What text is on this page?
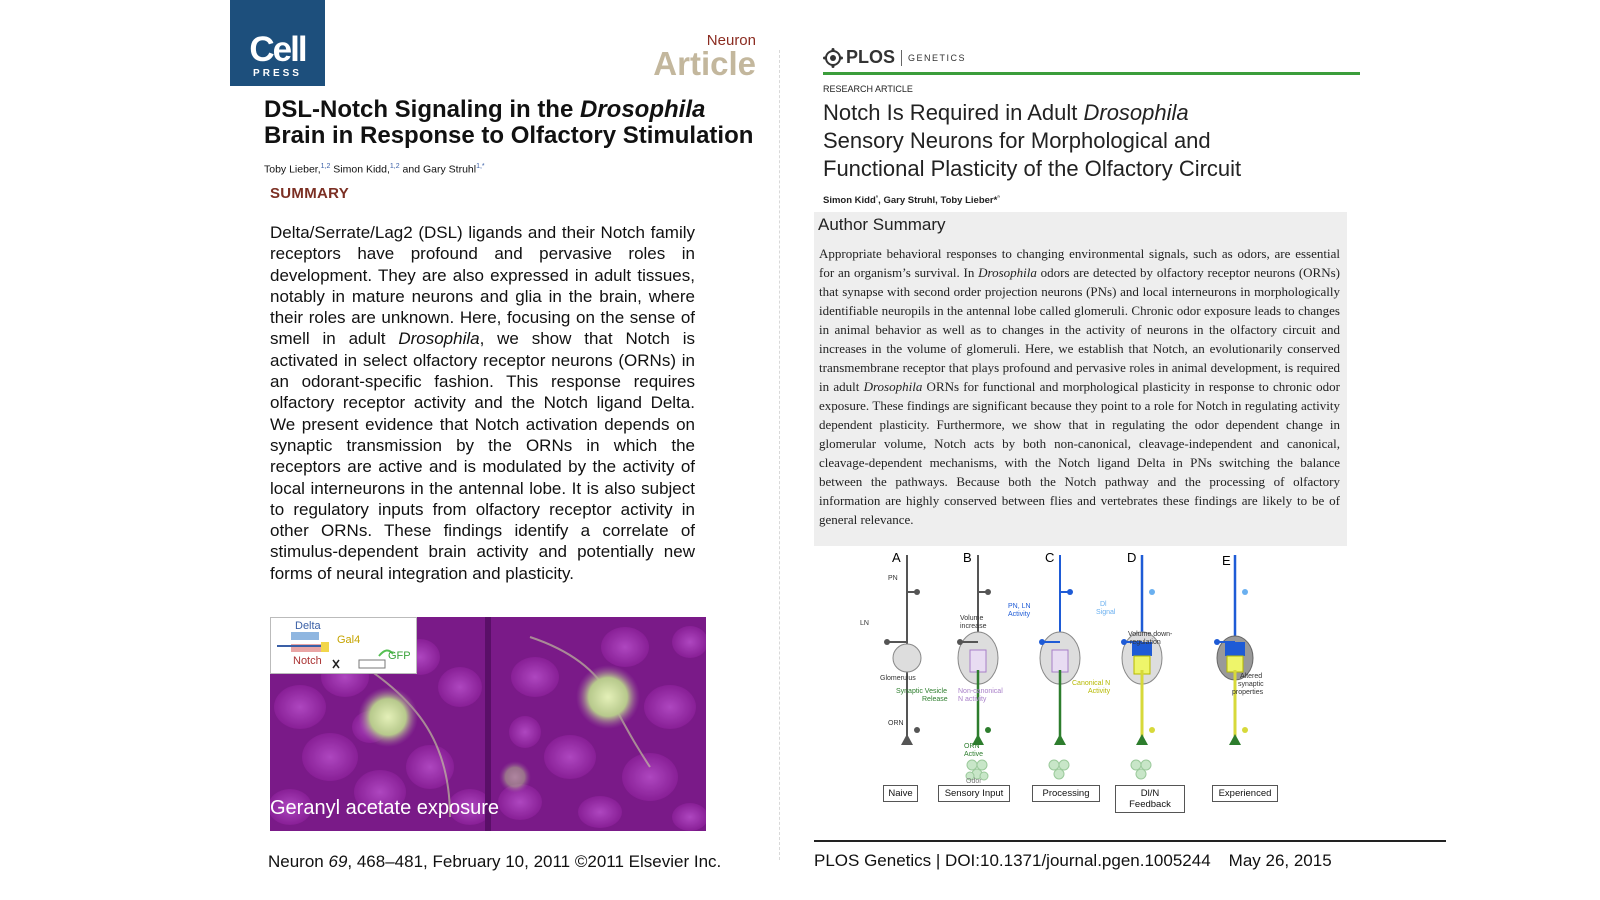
Cell
PRESS
Neuron
Article
DSL-Notch Signaling in the Drosophila Brain in Response to Olfactory Stimulation
Toby Lieber,$^{1,2}$ Simon Kidd,$^{1,2}$ and Gary Struhl$^{1,*}$
SUMMARY
Delta/Serrate/Lag2 (DSL) ligands and their Notch family receptors have profound and pervasive roles in development. They are also expressed in adult tissues, notably in mature neurons and glia in the brain, where their roles are unknown. Here, focusing on the sense of smell in adult Drosophila, we show that Notch is activated in select olfactory receptor neurons (ORNs) in an odorant-specific fashion. This response requires olfactory receptor activity and the Notch ligand Delta. We present evidence that Notch activation depends on synaptic transmission by the ORNs in which the receptors are active and is modulated by the activity of local interneurons in the antennal lobe. It is also subject to regulatory inputs from olfactory receptor activity in other ORNs. These findings identify a correlate of stimulus-dependent brain activity and potentially new forms of neural integration and plasticity.
Delta
Gal4
Notch	GFP
Geranyl acetate exposure
Neuron 69, 468–481, February 10, 2011 ©2011 Elsevier Inc.
PLOS GENETICS
RESEARCH ARTICLE
Notch Is Required in Adult Drosophila
Sensory Neurons for Morphological and
Functional Plasticity of the Olfactory Circuit
Simon Kidd$^{^n}$, Gary Struhl, Toby Lieber*$^{^n}$
Author Summary
Appropriate behavioral responses to changing environmental signals, such as odors, are essential for an organism’s survival. In Drosophila odors are detected by olfactory receptor neurons (ORNs) that synapse with second order projection neurons (PNs) and local interneurons in morphologically identifiable neuropils in the antennal lobe called glomeruli. Chronic odor exposure leads to changes in animal behavior as well as to changes in the activity of neurons in the olfactory circuit and increases in the volume of glomeruli. Here, we establish that Notch, an evolutionarily conserved transmembrane receptor that plays profound and pervasive roles in animal development, is required in adult Drosophila ORNs for functional and morphological plasticity in response to chronic odor exposure. These findings are significant because they point to a role for Notch in regulating activity dependent plasticity. Furthermore, we show that in regulating the odor dependent change in glomerular volume, Notch acts by both non-canonical, cleavage-independent and canonical, cleavage-dependent mechanisms, with the Notch ligand Delta in PNs switching the balance between the pathways. Because both the Notch pathway and the processing of olfactory information are highly conserved between flies and vertebrates these findings are likely to be of general relevance.
A	B	C	D	E
PN
LN
Glomerulus
ORN
Volume
increase
Synaptic Vesicle
Release
Non-canonical
N activity
ORN
Active
Odor
PN, LN
Activity
Dl
Signal
Volume down-
regulation
Canonical N
Activity
Altered
synaptic
properties
Naive	Sensory Input	Processing	Dl/N
Feedback
Experienced
PLOS Genetics | DOI:10.1371/journal.pgen.1005244 May 26, 2015
